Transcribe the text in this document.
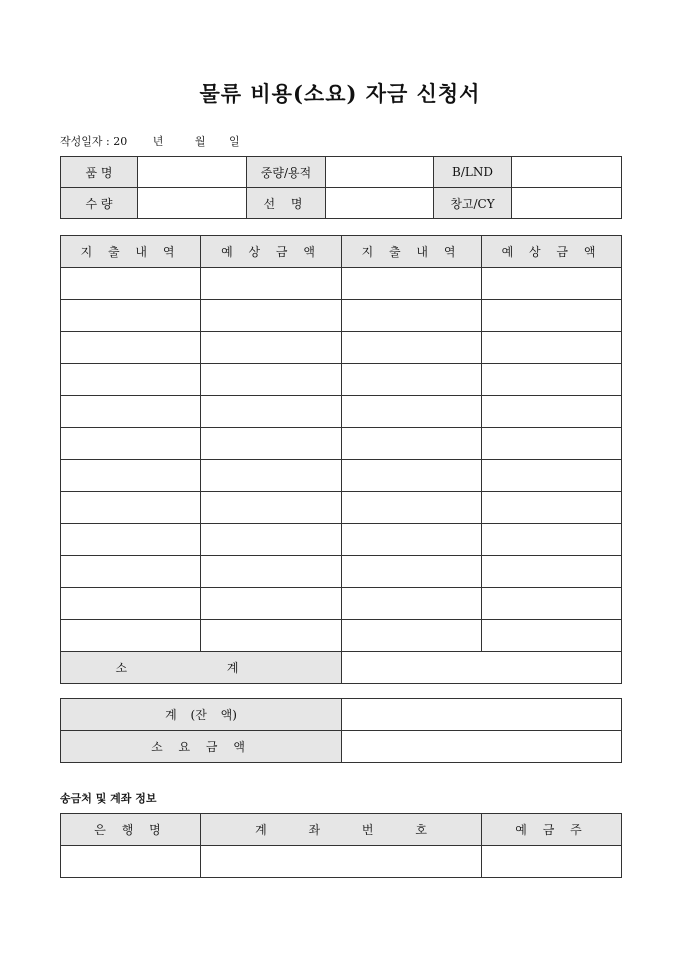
물류 비용(소요) 자금 신청서
작성일자 : 20 년	월 일
품 명		중량/용적		B/LND	
수 량		선 명		창고/CY	
지 출 내 역	예 상 금 액	지 출 내 역	예 상 금 액

소 계			
계 (잔 액)	
소 요 금 액	
송금처 및 계좌 정보
은 행 명	계 좌 번 호	예 금 주
